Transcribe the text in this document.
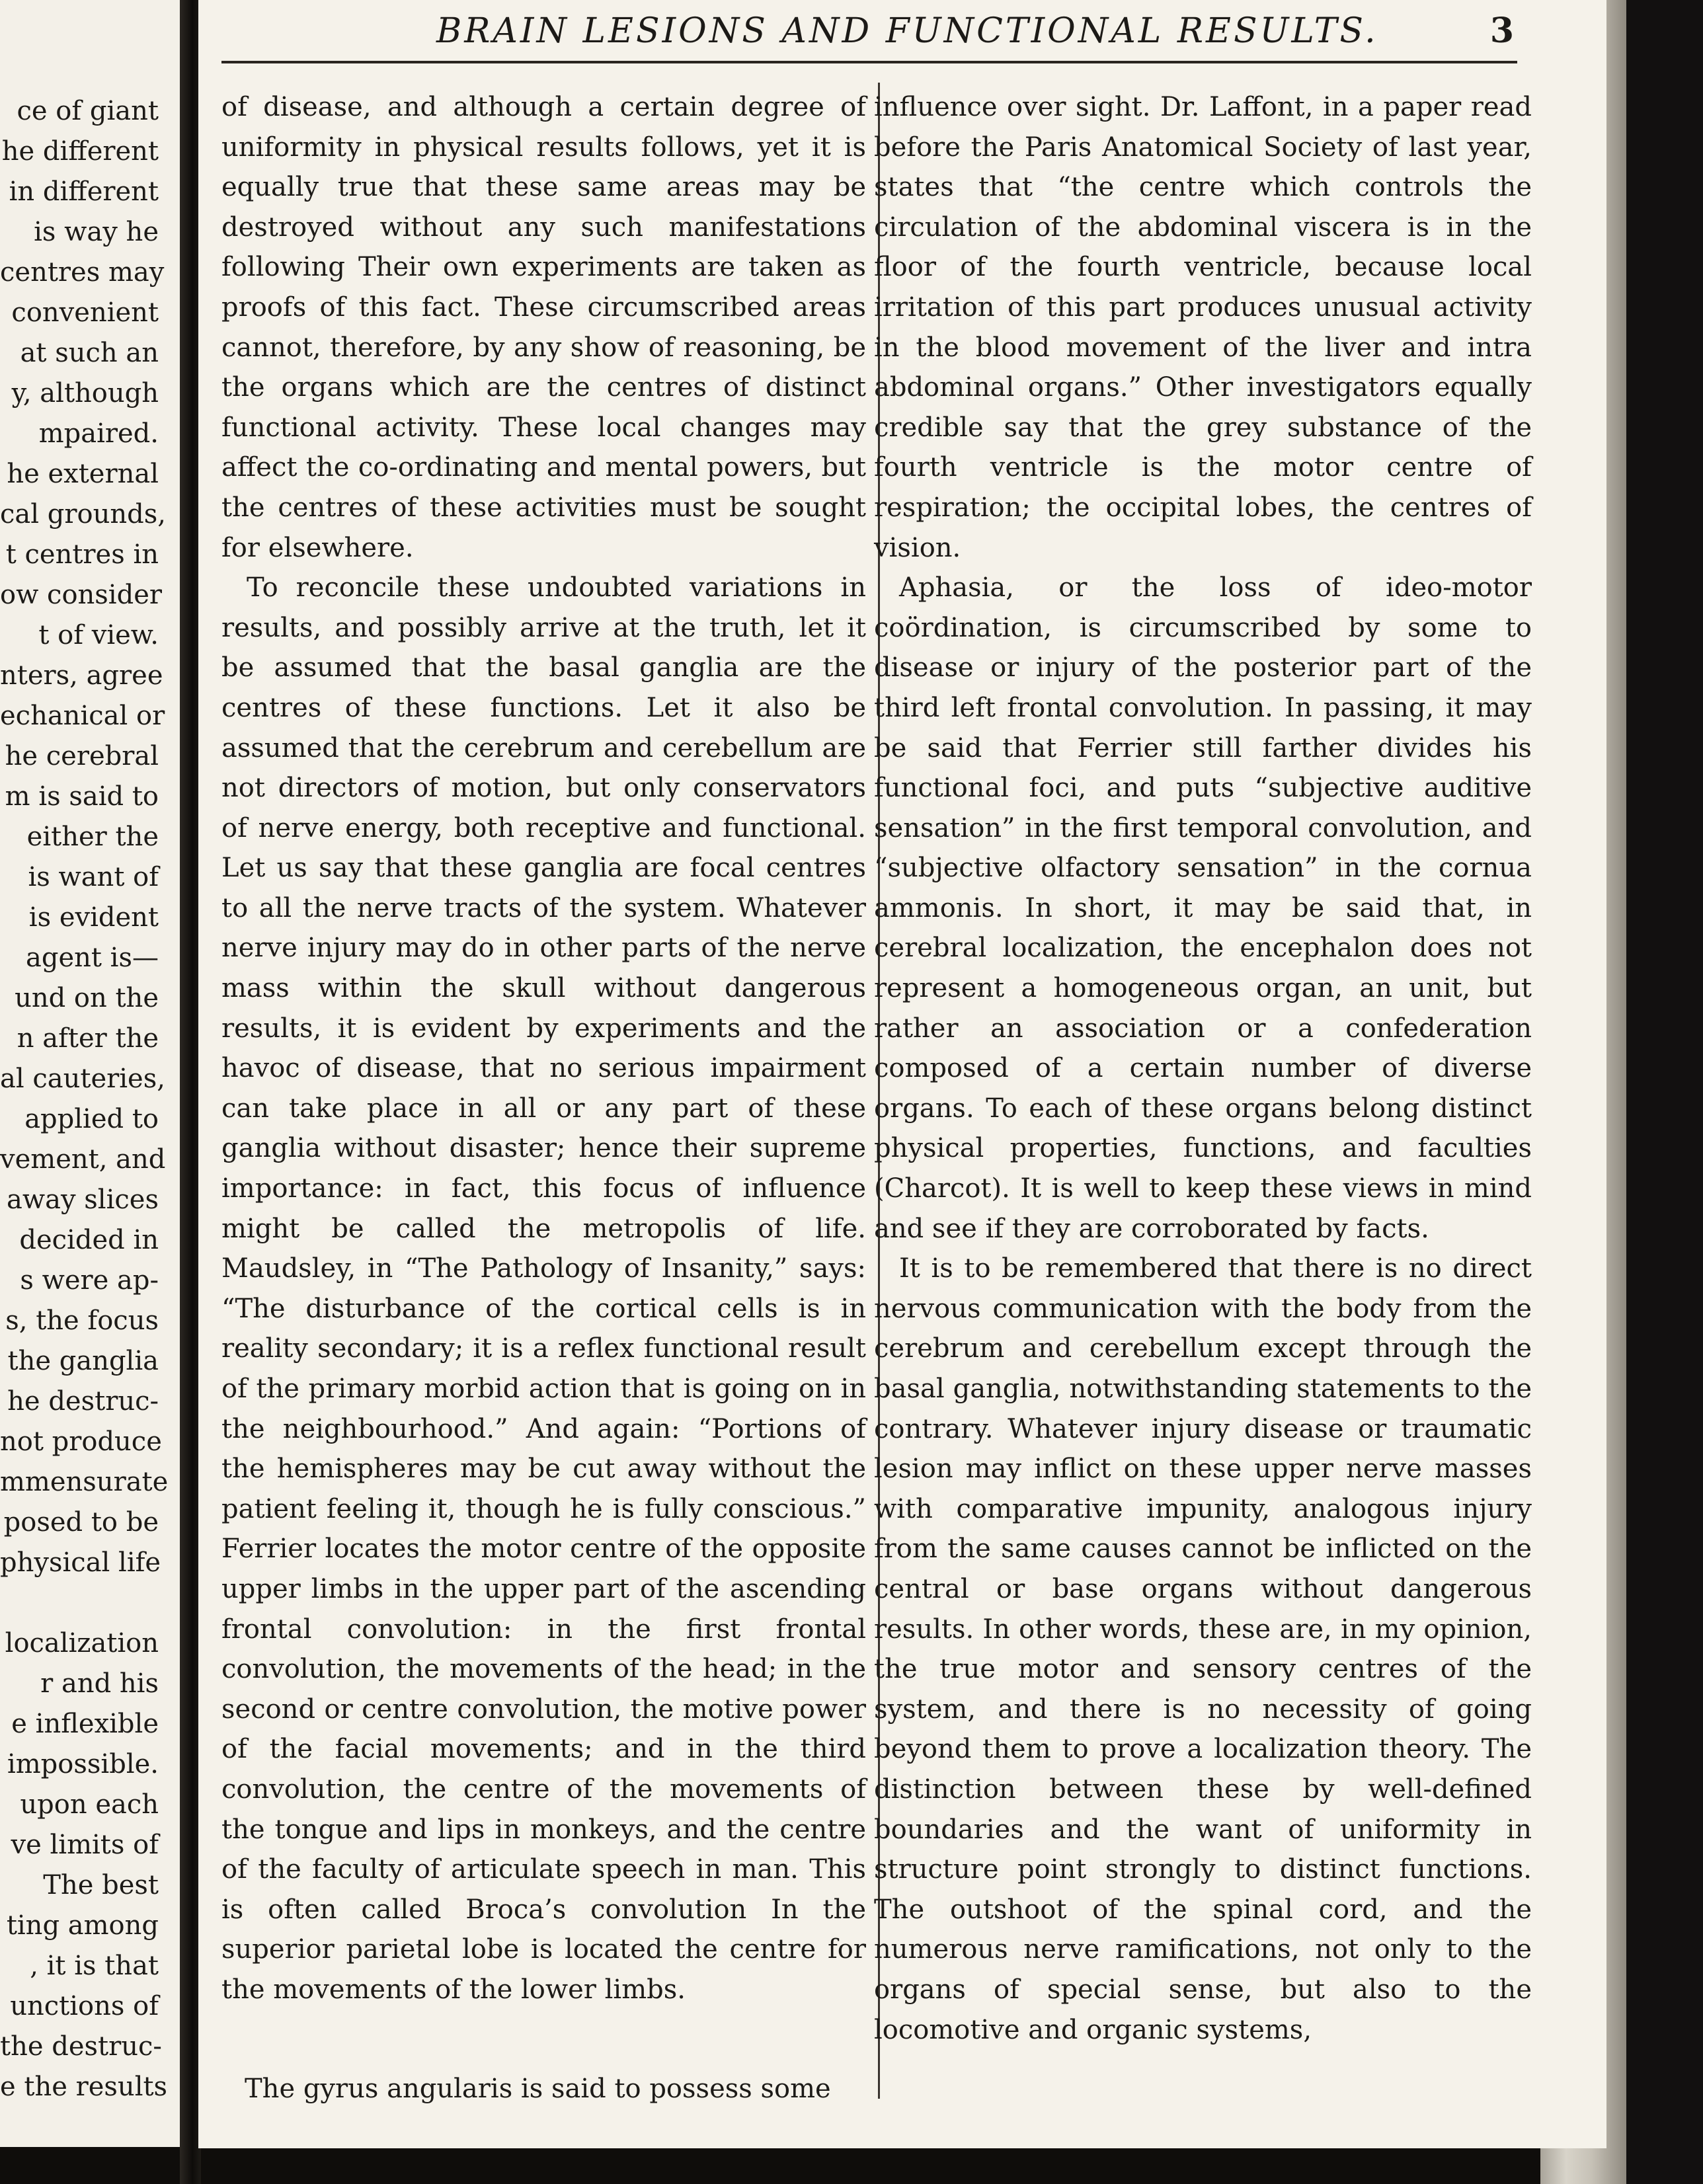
ce of giant
he different
in different
is way he
centres may
convenient
at such an
y, although
mpaired.
he external
cal grounds,
t centres in
ow consider
t of view.
nters, agree
echanical or
he cerebral
m is said to
either the
is want of
is evident
agent is—
und on the
n after the
al cauteries,
applied to
vement, and
away slices
decided in
s were ap-
s, the focus
the ganglia
he destruc-
not produce
mmensurate
posed to be
physical life
localization
r and his
e inflexible
impossible.
upon each
ve limits of
The best
ting among
, it is that
unctions of
the destruc-
e the results
BRAIN LESIONS AND FUNCTIONAL RESULTS.	3

of disease, and although a certain degree of uniformity in physical results follows, yet it is equally true that these same areas may be destroyed without any such manifestations following Their own experiments are taken as proofs of this fact. These circumscribed areas cannot, therefore, by any show of reasoning, be the organs which are the centres of distinct functional activity. These local changes may affect the co-ordinating and mental powers, but the centres of these activities must be sought for elsewhere.

To reconcile these undoubted variations in results, and possibly arrive at the truth, let it be assumed that the basal ganglia are the centres of these functions. Let it also be assumed that the cerebrum and cerebellum are not directors of motion, but only conservators of nerve energy, both receptive and functional. Let us say that these ganglia are focal centres to all the nerve tracts of the system. Whatever nerve injury may do in other parts of the nerve mass within the skull without dangerous results, it is evident by experiments and the havoc of disease, that no serious impairment can take place in all or any part of these ganglia without disaster; hence their supreme importance: in fact, this focus of influence might be called the metropolis of life. Maudsley, in “The Pathology of Insanity,” says: “The disturbance of the cortical cells is in reality secondary; it is a reflex functional result of the primary morbid action that is going on in the neighbourhood.” And again: “Portions of the hemispheres may be cut away without the patient feeling it, though he is fully conscious.” Ferrier locates the motor centre of the opposite upper limbs in the upper part of the ascending frontal convolution: in the first frontal convolution, the movements of the head; in the second or centre convolution, the motive power of the facial movements; and in the third convolution, the centre of the movements of the tongue and lips in monkeys, and the centre of the faculty of articulate speech in man. This is often called Broca’s convolution In the superior parietal lobe is located the centre for the movements of the lower limbs.

The gyrus angularis is said to possess some

influence over sight. Dr. Laffont, in a paper read before the Paris Anatomical Society of last year, states that “the centre which controls the circulation of the abdominal viscera is in the floor of the fourth ventricle, because local irritation of this part produces unusual activity in the blood movement of the liver and intra abdominal organs.” Other investigators equally credible say that the grey substance of the fourth ventricle is the motor centre of respiration; the occipital lobes, the centres of vision.

Aphasia, or the loss of ideo-motor coördination, is circumscribed by some to disease or injury of the posterior part of the third left frontal convolution. In passing, it may be said that Ferrier still farther divides his functional foci, and puts “subjective auditive sensation” in the first temporal convolution, and “subjective olfactory sensation” in the cornua ammonis. In short, it may be said that, in cerebral localization, the encephalon does not represent a homogeneous organ, an unit, but rather an association or a confederation composed of a certain number of diverse organs. To each of these organs belong distinct physical properties, functions, and faculties (Charcot). It is well to keep these views in mind and see if they are corroborated by facts.

It is to be remembered that there is no direct nervous communication with the body from the cerebrum and cerebellum except through the basal ganglia, notwithstanding statements to the contrary. Whatever injury disease or traumatic lesion may inflict on these upper nerve masses with comparative impunity, analogous injury from the same causes cannot be inflicted on the central or base organs without dangerous results. In other words, these are, in my opinion, the true motor and sensory centres of the system, and there is no necessity of going beyond them to prove a localization theory. The distinction between these by well-defined boundaries and the want of uniformity in structure point strongly to distinct functions. The outshoot of the spinal cord, and the numerous nerve ramifications, not only to the organs of special sense, but also to the locomotive and organic systems,
